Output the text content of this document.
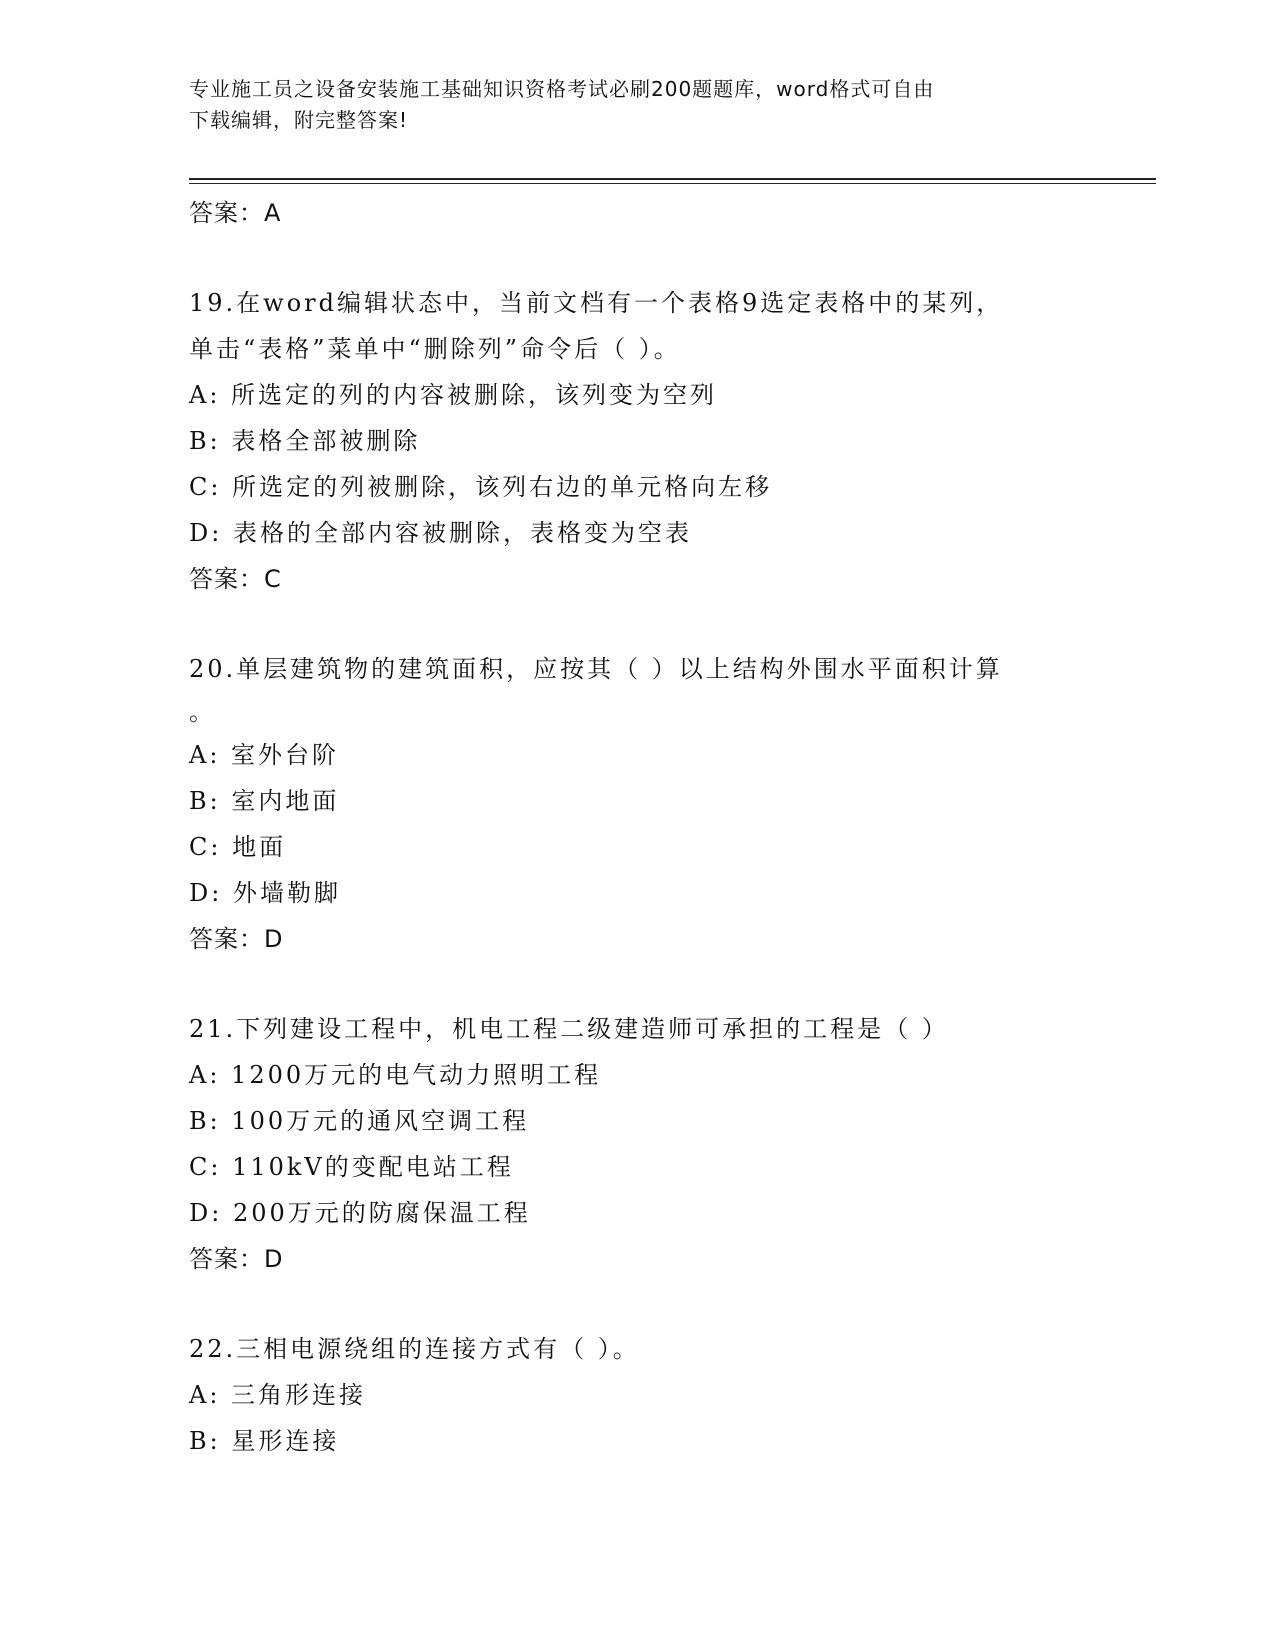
专业施工员之设备安装施工基础知识资格考试必刷200题题库，word格式可自由
下载编辑，附完整答案!
答案：A
19.在word编辑状态中，当前文档有一个表格9选定表格中的某列，
单击“表格”菜单中“删除列”命令后（ ）。
A: 所选定的列的内容被删除，该列变为空列
B: 表格全部被删除
C: 所选定的列被删除，该列右边的单元格向左移
D: 表格的全部内容被删除，表格变为空表
答案：C
20.单层建筑物的建筑面积，应按其（ ）以上结构外围水平面积计算
。
A: 室外台阶
B: 室内地面
C: 地面
D: 外墙勒脚
答案：D
21.下列建设工程中，机电工程二级建造师可承担的工程是（ ）
A: 1200万元的电气动力照明工程
B: 100万元的通风空调工程
C: 110kV的变配电站工程
D: 200万元的防腐保温工程
答案：D
22.三相电源绕组的连接方式有（ ）。
A: 三角形连接
B: 星形连接
